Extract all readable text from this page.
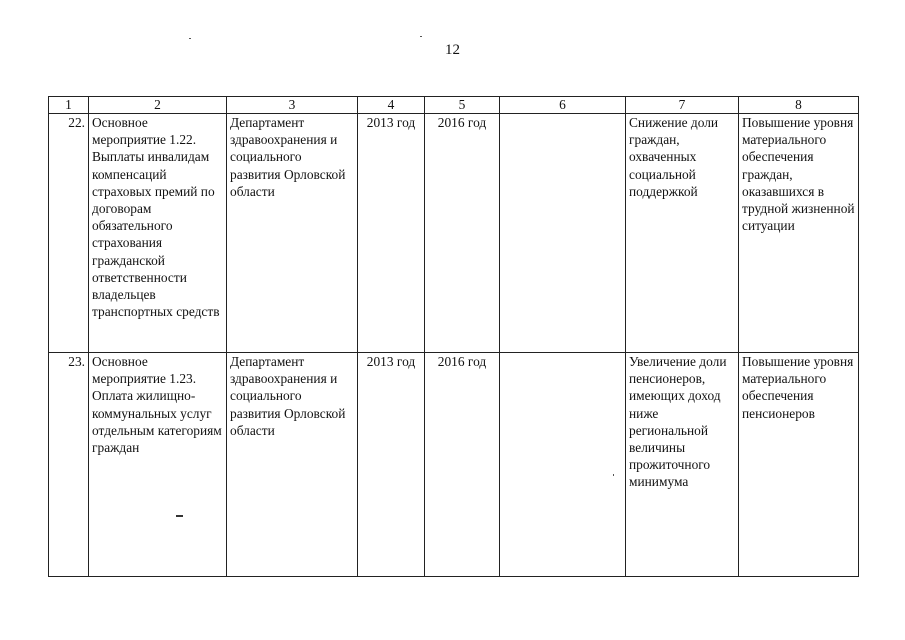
12
1	2	3	4	5	6	7	8
22.	Основное мероприятие 1.22. Выплаты инвалидам компенсаций страховых премий по договорам обязательного страхования гражданской ответственности владельцев транспортных средств	Департамент здравоохранения и социального развития Орловской области	2013 год	2016 год		Снижение доли граждан, охваченных социальной поддержкой	Повышение уровня материального обеспечения граждан, оказавшихся в трудной жизненной ситуации
23.	Основное мероприятие 1.23. Оплата жилищно-коммунальных услуг отдельным категориям граждан	Департамент здравоохранения и социального развития Орловской области	2013 год	2016 год		Увеличение доли пенсионеров, имеющих доход ниже региональной величины прожиточного минимума	Повышение уровня материального обеспечения пенсионеров
